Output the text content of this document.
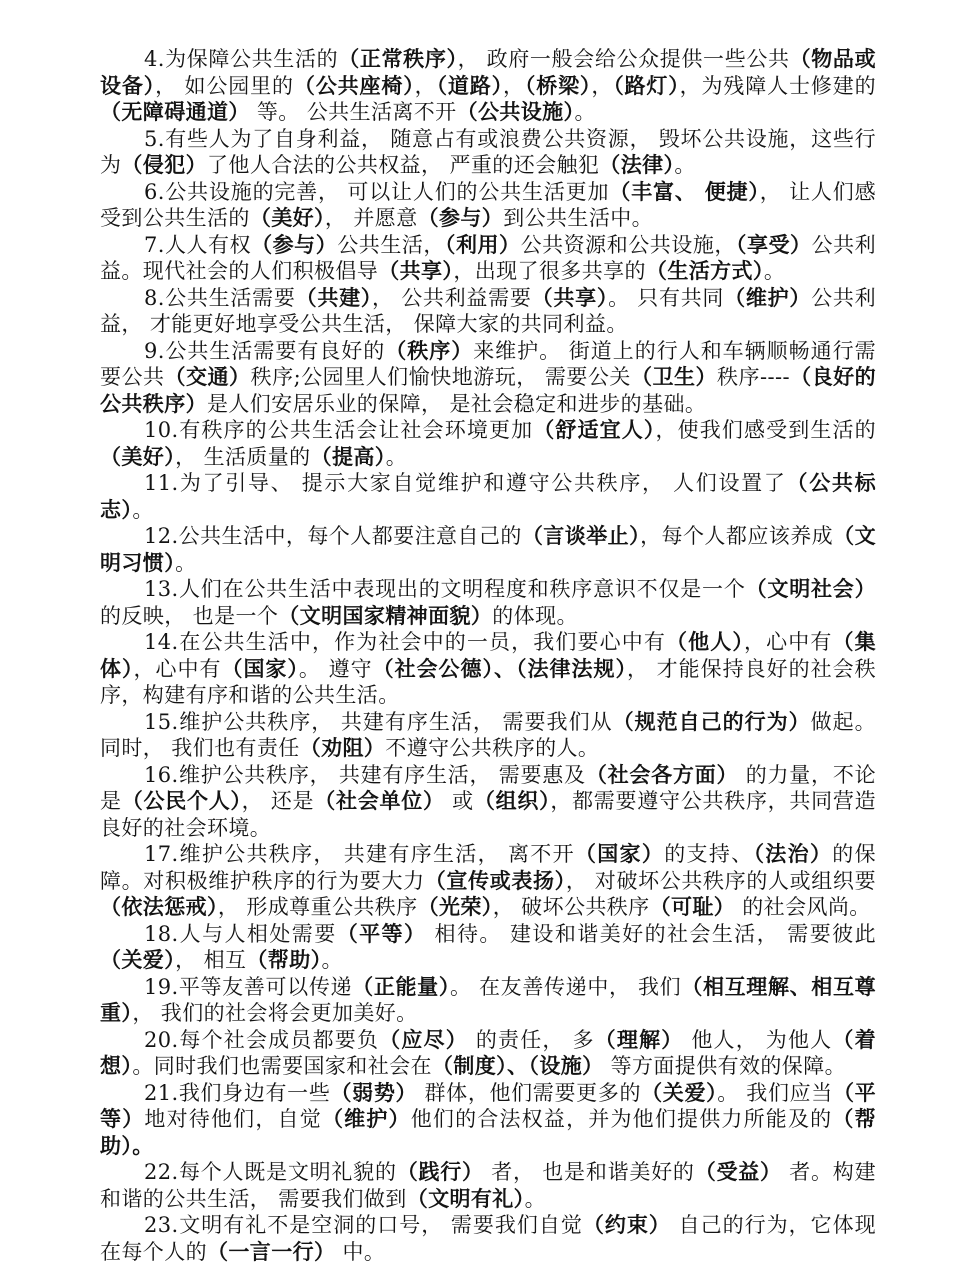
4.为保障公共生活的（正常秩序）， 政府一般会给公众提供一些公共（物品或设备）， 如公园里的（公共座椅），（道路），（桥梁），（路灯），为残障人士修建的（无障碍通道） 等。 公共生活离不开（公共设施）。

5.有些人为了自身利益， 随意占有或浪费公共资源， 毁坏公共设施，这些行为（侵犯）了他人合法的公共权益， 严重的还会触犯（法律）。

6.公共设施的完善， 可以让人们的公共生活更加（丰富、 便捷）， 让人们感受到公共生活的（美好）， 并愿意（参与）到公共生活中。

7.人人有权（参与）公共生活，（利用）公共资源和公共设施，（享受）公共利益。现代社会的人们积极倡导（共享），出现了很多共享的（生活方式）。

8.公共生活需要（共建）， 公共利益需要（共享）。 只有共同（维护）公共利益， 才能更好地享受公共生活， 保障大家的共同利益。

9.公共生活需要有良好的（秩序）来维护。 街道上的行人和车辆顺畅通行需要公共（交通）秩序;公园里人们愉快地游玩， 需要公关（卫生）秩序----（良好的公共秩序）是人们安居乐业的保障， 是社会稳定和进步的基础。

10.有秩序的公共生活会让社会环境更加（舒适宜人），使我们感受到生活的（美好）， 生活质量的（提高）。

11.为了引导、 提示大家自觉维护和遵守公共秩序， 人们设置了（公共标志）。

12.公共生活中，每个人都要注意自己的（言谈举止），每个人都应该养成（文明习惯）。

13.人们在公共生活中表现出的文明程度和秩序意识不仅是一个（文明社会）的反映， 也是一个（文明国家精神面貌）的体现。

14.在公共生活中，作为社会中的一员，我们要心中有（他人），心中有（集体），心中有（国家）。 遵守（社会公德）、（法律法规）， 才能保持良好的社会秩序，构建有序和谐的公共生活。

15.维护公共秩序， 共建有序生活， 需要我们从（规范自己的行为）做起。 同时， 我们也有责任（劝阻）不遵守公共秩序的人。

16.维护公共秩序， 共建有序生活， 需要惠及（社会各方面） 的力量，不论是（公民个人）， 还是（社会单位） 或（组织），都需要遵守公共秩序，共同营造良好的社会环境。

17.维护公共秩序， 共建有序生活， 离不开（国家）的支持、（法治）的保障。对积极维护秩序的行为要大力（宣传或表扬）， 对破坏公共秩序的人或组织要（依法惩戒）， 形成尊重公共秩序（光荣）， 破坏公共秩序（可耻） 的社会风尚。

18.人与人相处需要（平等） 相待。 建设和谐美好的社会生活， 需要彼此（关爱）， 相互（帮助）。

19.平等友善可以传递（正能量）。 在友善传递中， 我们（相互理解、相互尊重）， 我们的社会将会更加美好。

20.每个社会成员都要负（应尽） 的责任， 多（理解） 他人， 为他人（着想）。同时我们也需要国家和社会在（制度）、（设施） 等方面提供有效的保障。

21.我们身边有一些（弱势） 群体，他们需要更多的（关爱）。 我们应当（平等）地对待他们，自觉（维护）他们的合法权益，并为他们提供力所能及的（帮助）。

22.每个人既是文明礼貌的（践行） 者， 也是和谐美好的（受益） 者。构建和谐的公共生活， 需要我们做到（文明有礼）。

23.文明有礼不是空洞的口号， 需要我们自觉（约束） 自己的行为，它体现在每个人的（一言一行） 中。
